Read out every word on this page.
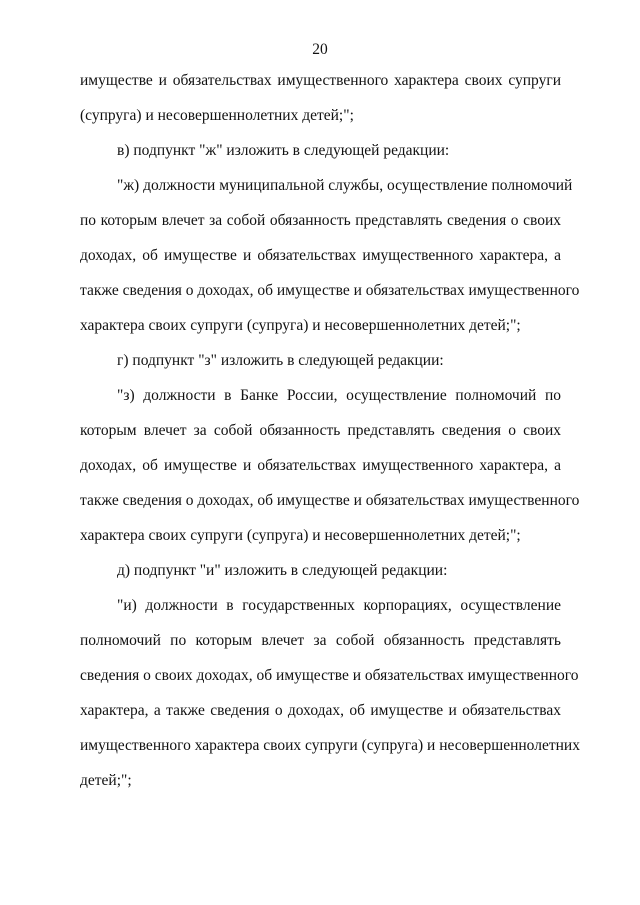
20
имуществе и обязательствах имущественного характера своих супруги
(супруга) и несовершеннолетних детей;";
в) подпункт "ж" изложить в следующей редакции:
"ж) должности муниципальной службы, осуществление полномочий
по которым влечет за собой обязанность представлять сведения о своих
доходах, об имуществе и обязательствах имущественного характера, а
также сведения о доходах, об имуществе и обязательствах имущественного
характера своих супруги (супруга) и несовершеннолетних детей;";
г) подпункт "з" изложить в следующей редакции:
"з) должности в Банке России, осуществление полномочий по
которым влечет за собой обязанность представлять сведения о своих
доходах, об имуществе и обязательствах имущественного характера, а
также сведения о доходах, об имуществе и обязательствах имущественного
характера своих супруги (супруга) и несовершеннолетних детей;";
д) подпункт "и" изложить в следующей редакции:
"и) должности в государственных корпорациях, осуществление
полномочий по которым влечет за собой обязанность представлять
сведения о своих доходах, об имуществе и обязательствах имущественного
характера, а также сведения о доходах, об имуществе и обязательствах
имущественного характера своих супруги (супруга) и несовершеннолетних
детей;";
